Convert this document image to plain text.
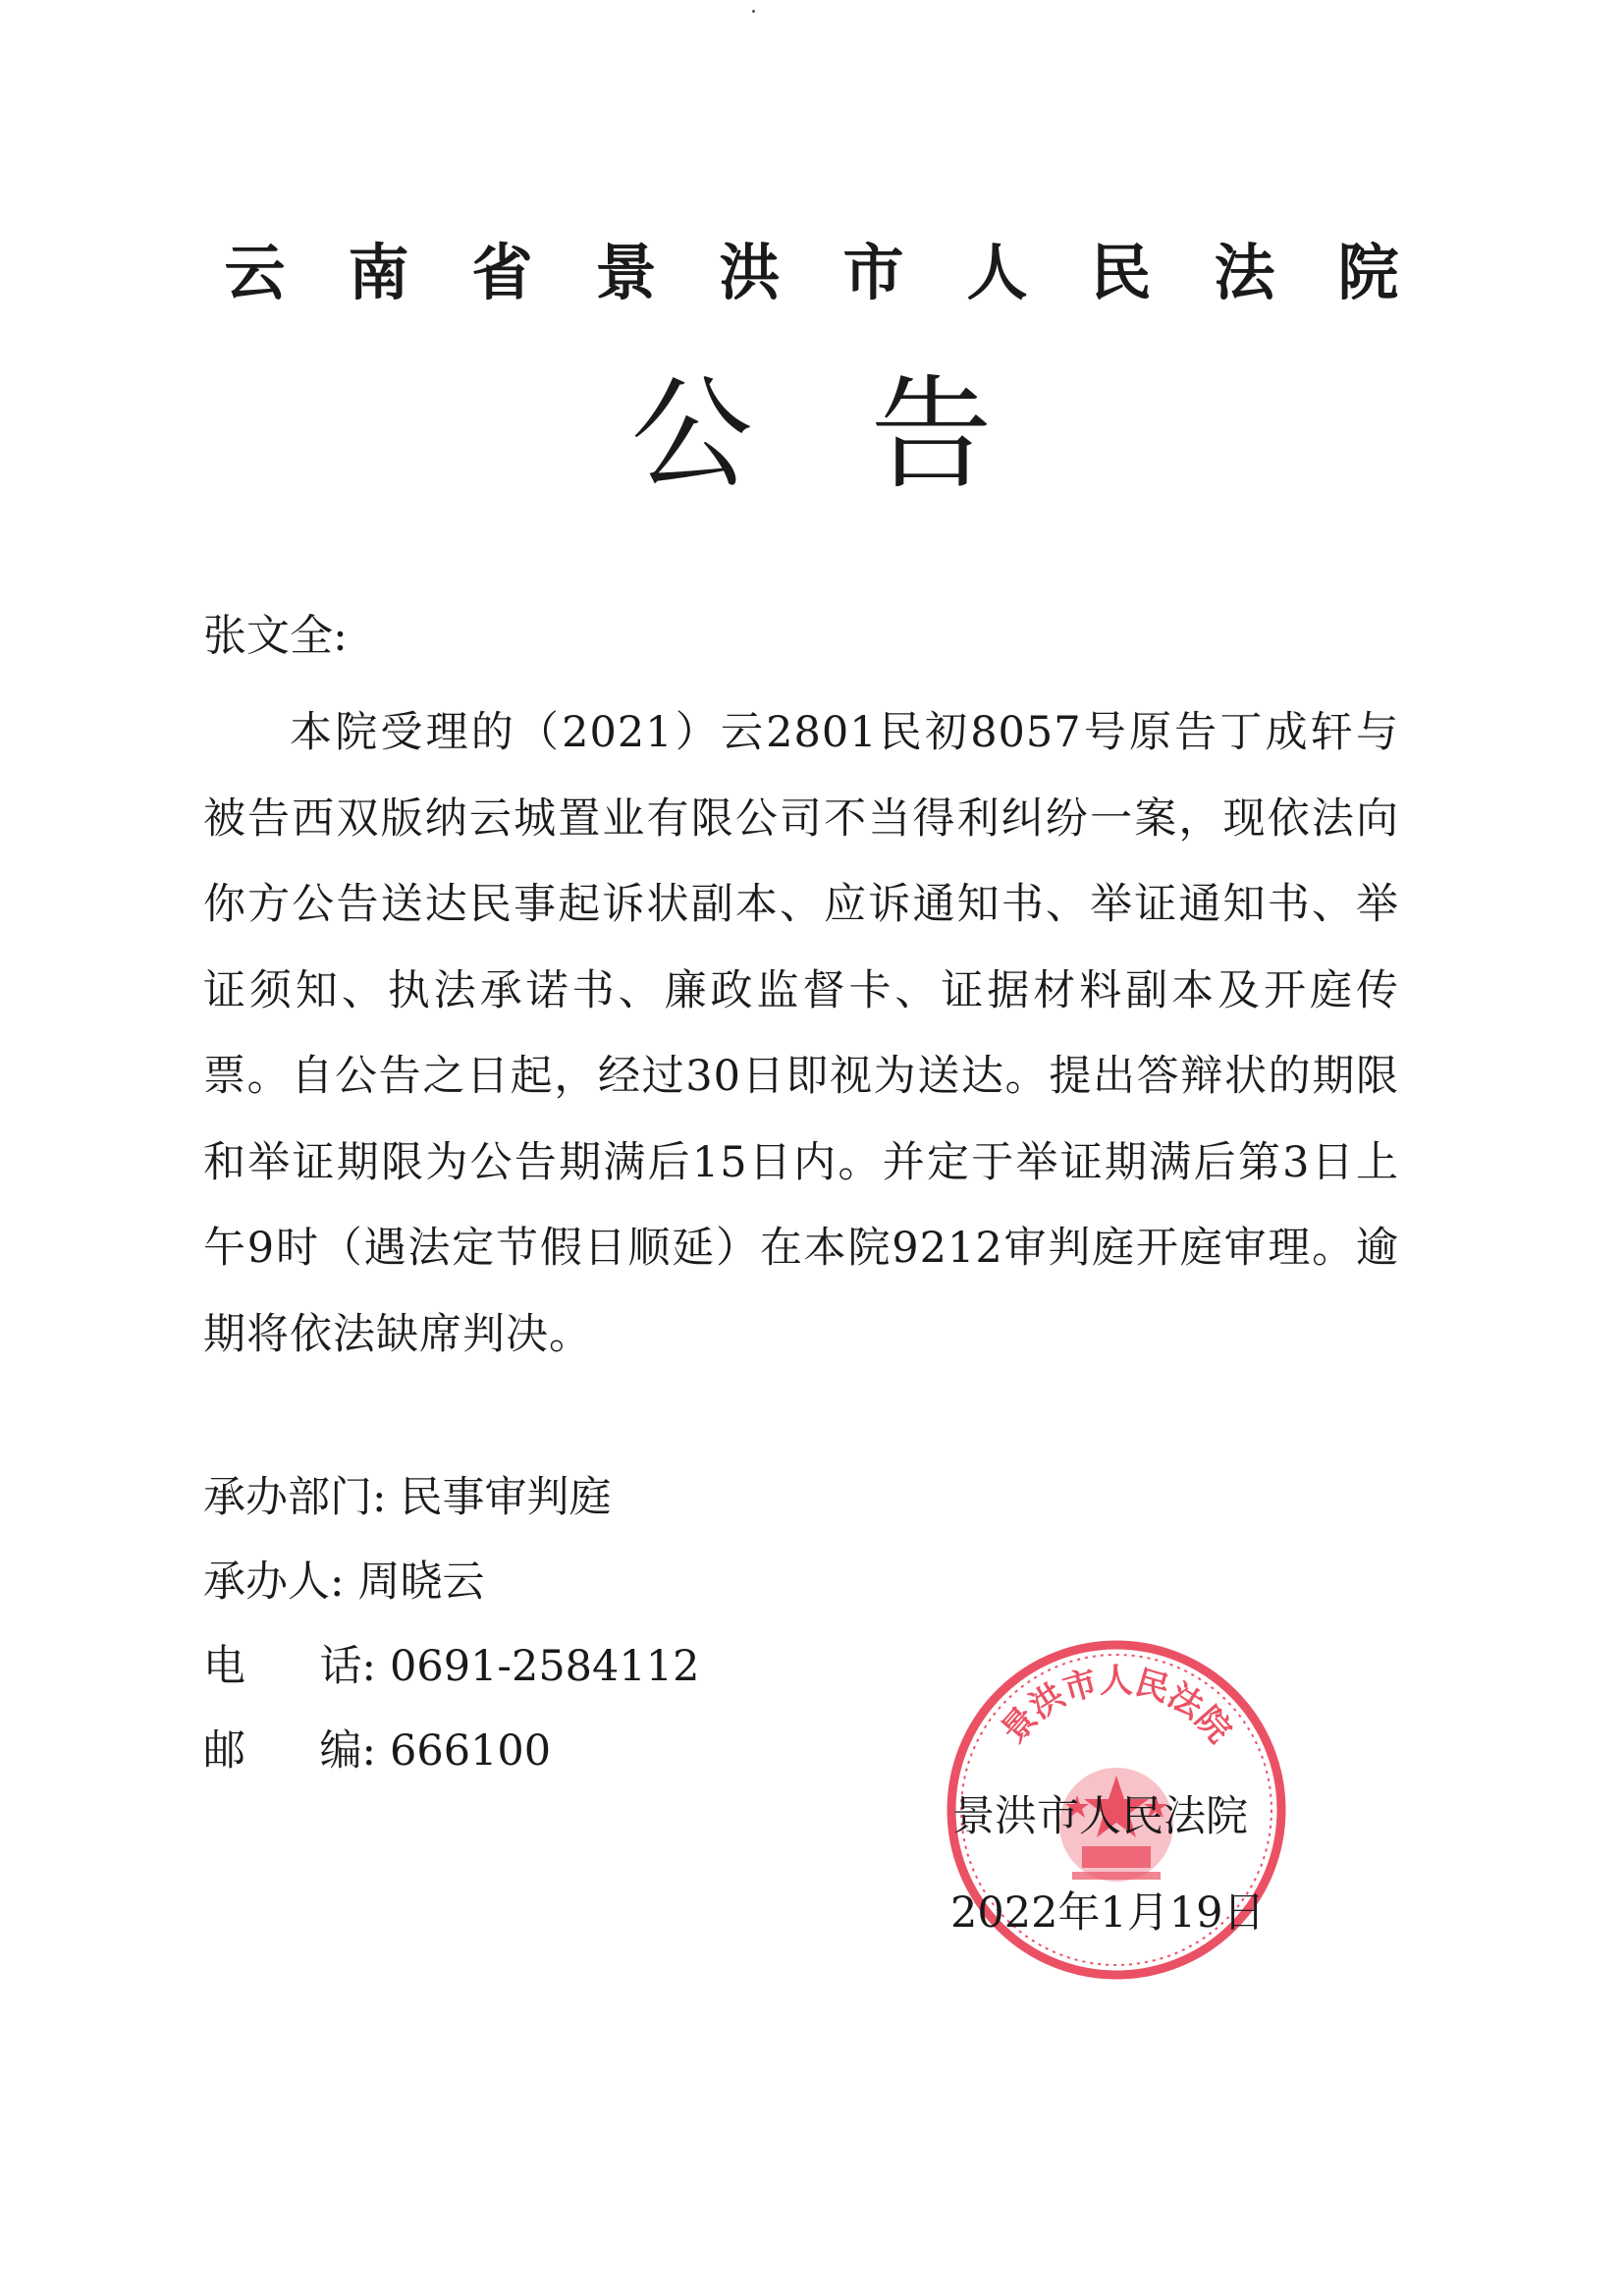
云南省景洪市人民法院
公告
张文全:

本院受理的（2021）云2801民初8057号原告丁成轩与被告西双版纳云城置业有限公司不当得利纠纷一案，现依法向你方公告送达民事起诉状副本、应诉通知书、举证通知书、举证须知、执法承诺书、廉政监督卡、证据材料副本及开庭传票。自公告之日起，经过30日即视为送达。提出答辩状的期限和举证期限为公告期满后15日内。并定于举证期满后第3日上午9时（遇法定节假日顺延）在本院9212审判庭开庭审理。逾期将依法缺席判决。

承办部门: 民事审判庭
承办人: 周晓云
电 话: 0691-2584112
邮 编: 666100
景洪市人民法院
景洪市人民法院
2022年1月19日
